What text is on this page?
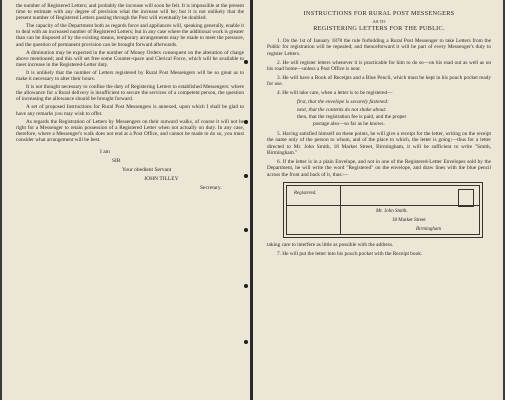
the number of Registered Letters; and probably the increase will soon be felt. It is impossible at the present time to estimate with any degree of precision what the increase will be; but it is not unlikely that the present number of Registered Letters passing through the Post will eventually be doubled.

The capacity of the Department both as regards force and appliances will, speaking generally, enable it to deal with an increased number of Registered Letters; but in any case where the additional work is greater than can be disposed of by the existing means, temporary arrangements may be made to meet the pressure, and the question of permanent provision can be brought forward afterwards.

A diminution may be expected in the number of Money Orders consequent on the alteration of charge above mentioned; and this will set free some Counter-space and Clerical Force, which will be available to meet increase in the Registered-Letter duty.

It is unlikely that the number of Letters registered by Rural Post Messengers will be so great as to make it necessary to alter their hours.

It is not thought necessary to confine the duty of Registering Letters to established Messengers: where the allowance for a Rural delivery is insufficient to secure the services of a competent person, the question of increasing the allowance should be brought forward.

A set of proposed Instructions for Rural Post Messengers is annexed, upon which I shall be glad to have any remarks you may wish to offer.

As regards the Registration of Letters by Messengers on their outward walks, of course it will not be right for a Messenger to retain possession of a Registered Letter when not actually on duty. In any case, therefore, where a Messenger's walk does not end at a Post Office, and cannot be made to do so, you must consider what arrangement will be best.

I am
SIR
Your obedient Servant
JOHN TILLEY
Secretary.
INSTRUCTIONS FOR RURAL POST MESSENGERS
AS TO
REGISTERING LETTERS FOR THE PUBLIC.

1. On the 1st of January 1878 the rule forbidding a Rural Post Messenger to take Letters from the Public for registration will be repealed; and thenceforward it will be part of every Messenger's duty to register Letters.

2. He will register letters whenever it is practicable for him to do so—on his road out as well as on his road home—unless a Post Office is near.

3. He will have a Book of Receipts and a Blue Pencil, which must be kept in his pouch pocket ready for use.

4. He will take care, when a letter is to be registered—

first, that the envelope is securely fastened:

next, that the contents do not shake about:

then, that the registration fee is paid, and the proper

postage also—so far as he knows.

5. Having satisfied himself on these points, he will give a receipt for the letter, writing on the receipt the name only of the person to whom, and of the place to which, the letter is going:—thus for a letter directed to Mr. John Smith, 18 Market Street, Birmingham, it will be sufficient to write "Smith, Birmingham."

6. If the letter is in a plain Envelope, and not in one of the Registered-Letter Envelopes sold by the Department, he will write the word "Registered" on the envelope, and draw lines with the blue pencil across the front and back of it, thus:—

Registered.
Mr. John Smith.
18 Market Street
Birmingham

taking care to interfere as little as possible with the address.

7. He will put the letter into his pouch pocket with the Receipt book.
